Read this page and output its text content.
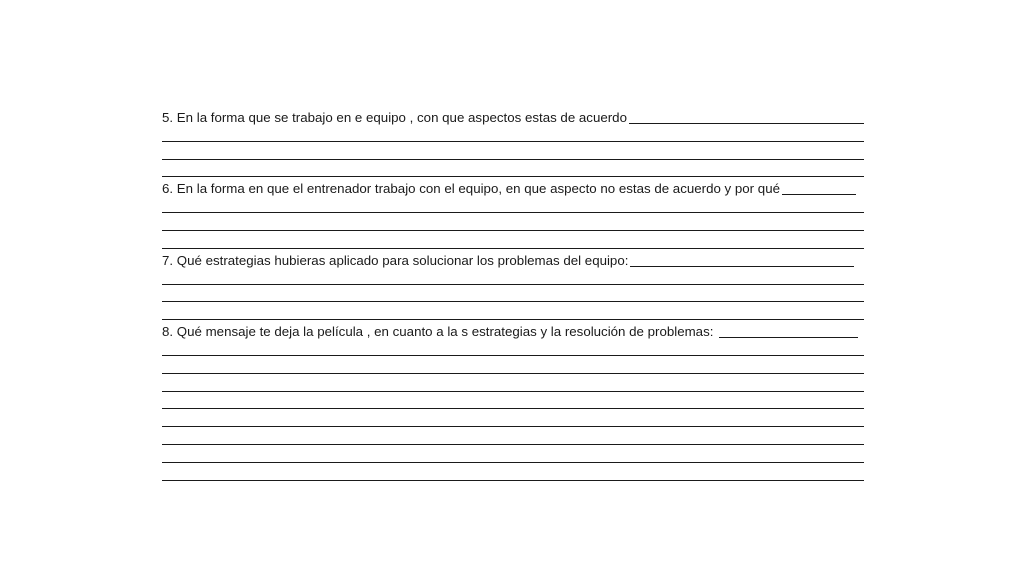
5. En la forma que se trabajo en e equipo , con que aspectos estas de acuerdo
6. En la forma en que el entrenador trabajo con el equipo, en que aspecto no estas de acuerdo y por qué
7. Qué estrategias hubieras aplicado para solucionar los problemas del equipo:
8. Qué mensaje te deja la película , en cuanto a la s estrategias y la resolución de problemas:
